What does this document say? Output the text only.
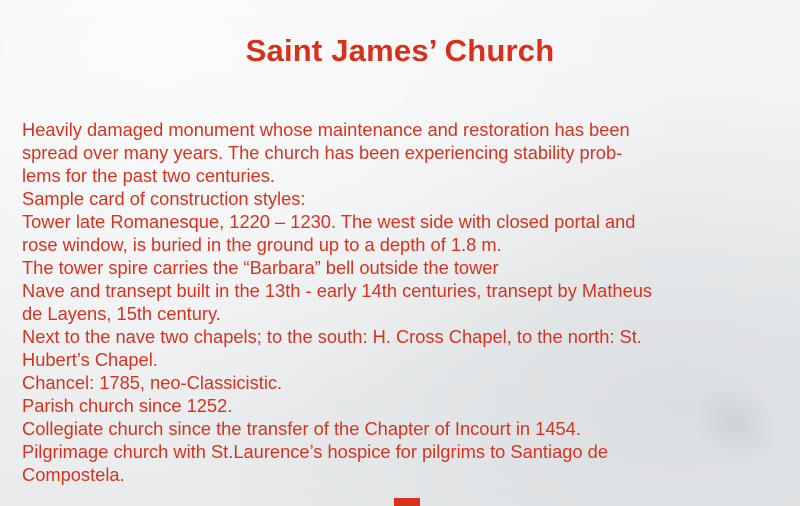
Saint James’ Church
Heavily damaged monument whose maintenance and restoration has been
spread over many years. The church has been experiencing stability prob-
lems for the past two centuries.
Sample card of construction styles:
Tower late Romanesque, 1220 – 1230. The west side with closed portal and
rose window, is buried in the ground up to a depth of 1.8 m.
The tower spire carries the “Barbara” bell outside the tower
Nave and transept built in the 13th - early 14th centuries, transept by Matheus
de Layens, 15th century.
Next to the nave two chapels; to the south: H. Cross Chapel, to the north: St.
Hubert’s Chapel.
Chancel: 1785, neo-Classicistic.
Parish church since 1252.
Collegiate church since the transfer of the Chapter of Incourt in 1454.
Pilgrimage church with St.Laurence’s hospice for pilgrims to Santiago de
Compostela.
